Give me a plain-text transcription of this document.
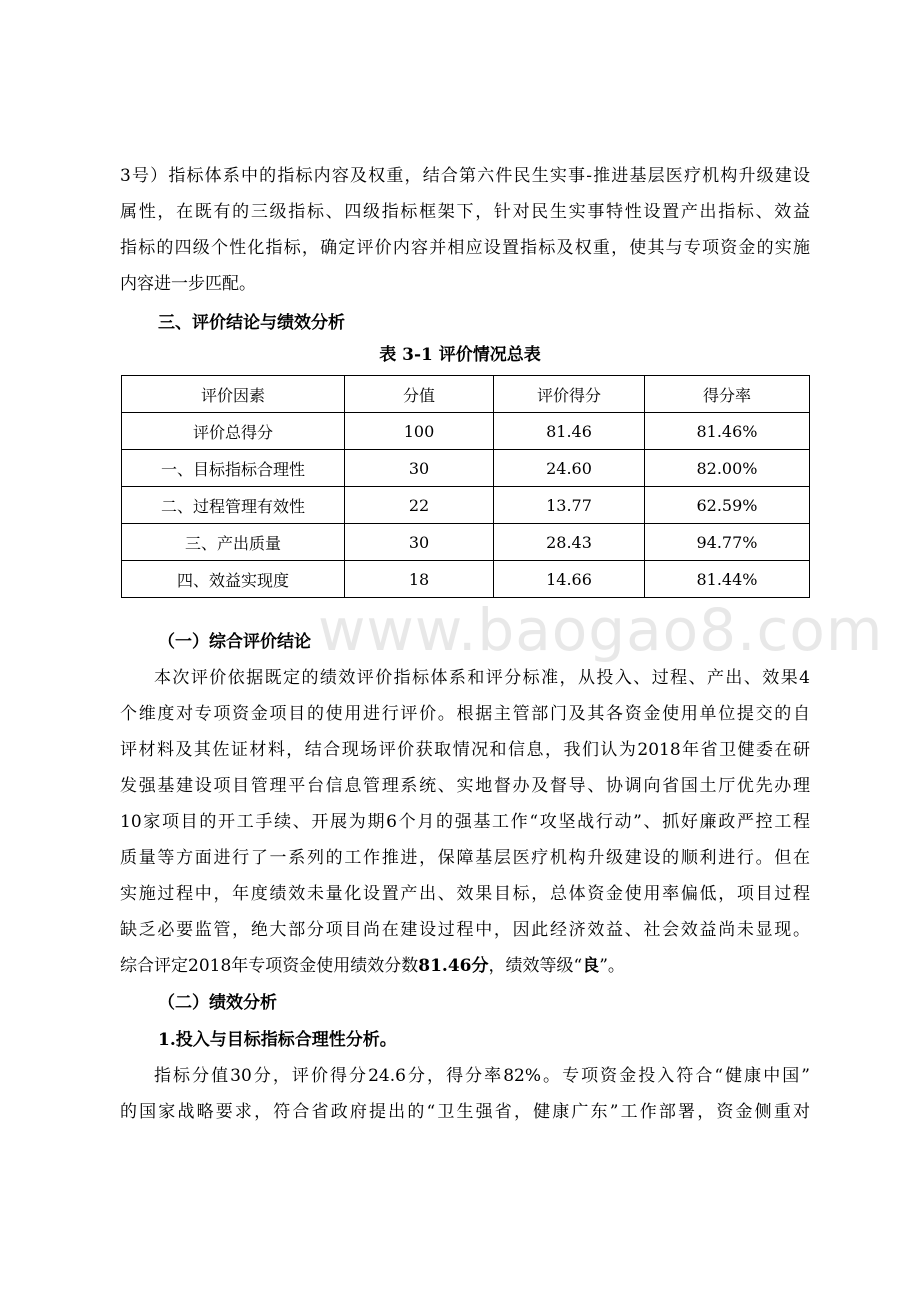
3号）指标体系中的指标内容及权重，结合第六件民生实事-推进基层医疗机构升级建设
属性，在既有的三级指标、四级指标框架下，针对民生实事特性设置产出指标、效益
指标的四级个性化指标，确定评价内容并相应设置指标及权重，使其与专项资金的实施
内容进一步匹配。
三、评价结论与绩效分析
表 3-1 评价情况总表
评价因素	分值	评价得分	得分率
评价总得分	100	81.46	81.46%
一、目标指标合理性	30	24.60	82.00%
二、过程管理有效性	22	13.77	62.59%
三、产出质量	30	28.43	94.77%
四、效益实现度	18	14.66	81.44%
www.baogao8.com
（一）综合评价结论
本次评价依据既定的绩效评价指标体系和评分标准，从投入、过程、产出、效果4
个维度对专项资金项目的使用进行评价。根据主管部门及其各资金使用单位提交的自
评材料及其佐证材料，结合现场评价获取情况和信息，我们认为2018年省卫健委在研
发强基建设项目管理平台信息管理系统、实地督办及督导、协调向省国土厅优先办理
10家项目的开工手续、开展为期6个月的强基工作“攻坚战行动”、抓好廉政严控工程
质量等方面进行了一系列的工作推进，保障基层医疗机构升级建设的顺利进行。但在
实施过程中，年度绩效未量化设置产出、效果目标，总体资金使用率偏低，项目过程
缺乏必要监管，绝大部分项目尚在建设过程中，因此经济效益、社会效益尚未显现。
综合评定2018年专项资金使用绩效分数81.46分，绩效等级“良”。
（二）绩效分析
1.投入与目标指标合理性分析。
指标分值30分，评价得分24.6分，得分率82%。专项资金投入符合“健康中国”
的国家战略要求，符合省政府提出的“卫生强省，健康广东”工作部署，资金侧重对
